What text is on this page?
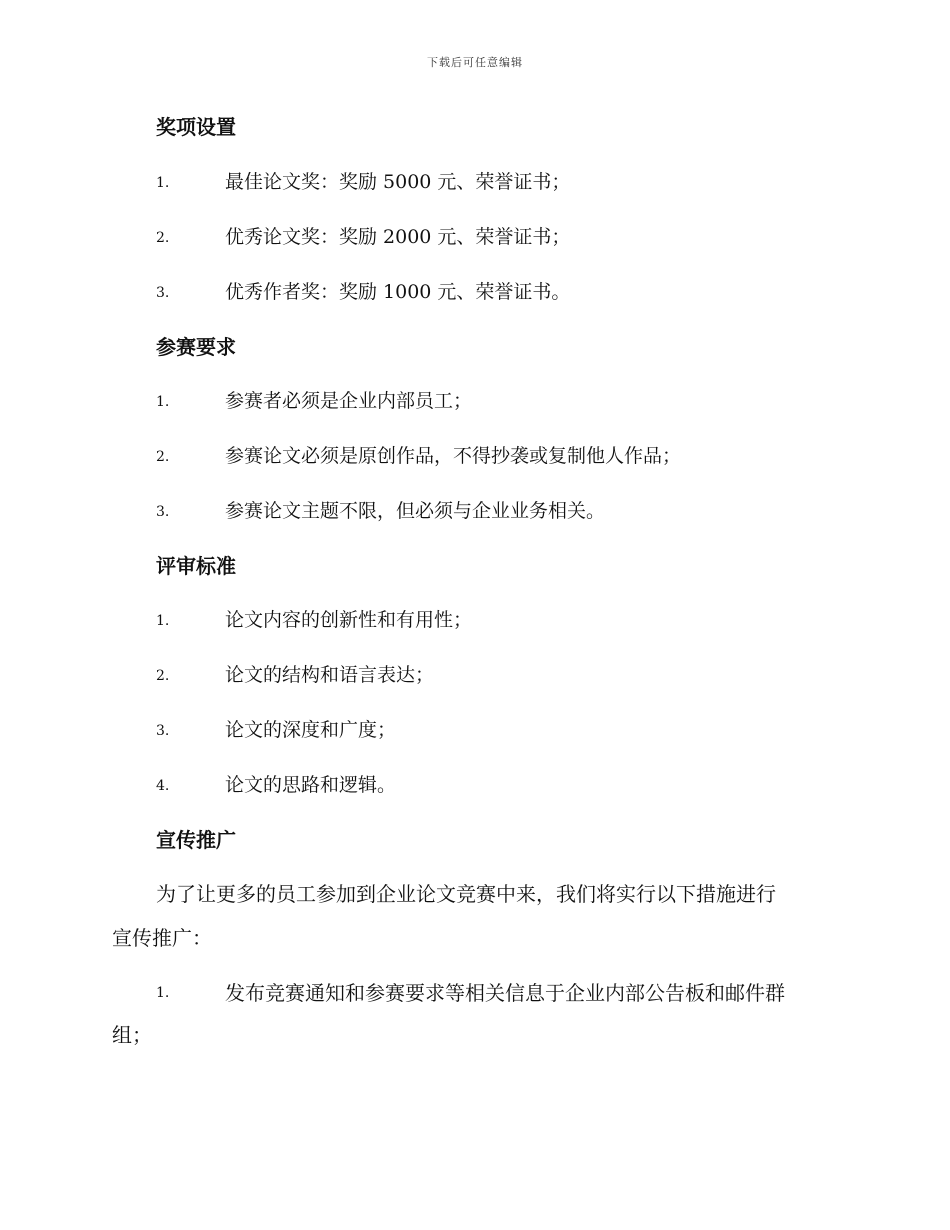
下载后可任意编辑
奖项设置
1.	最佳论文奖：奖励 5000 元、荣誉证书；
2.	优秀论文奖：奖励 2000 元、荣誉证书；
3.	优秀作者奖：奖励 1000 元、荣誉证书。
参赛要求
1.	参赛者必须是企业内部员工；
2.	参赛论文必须是原创作品，不得抄袭或复制他人作品；
3.	参赛论文主题不限，但必须与企业业务相关。
评审标准
1.	论文内容的创新性和有用性；
2.	论文的结构和语言表达；
3.	论文的深度和广度；
4.	论文的思路和逻辑。
宣传推广
为了让更多的员工参加到企业论文竞赛中来，我们将实行以下措施进行
宣传推广：
1.	发布竞赛通知和参赛要求等相关信息于企业内部公告板和邮件群
组；
